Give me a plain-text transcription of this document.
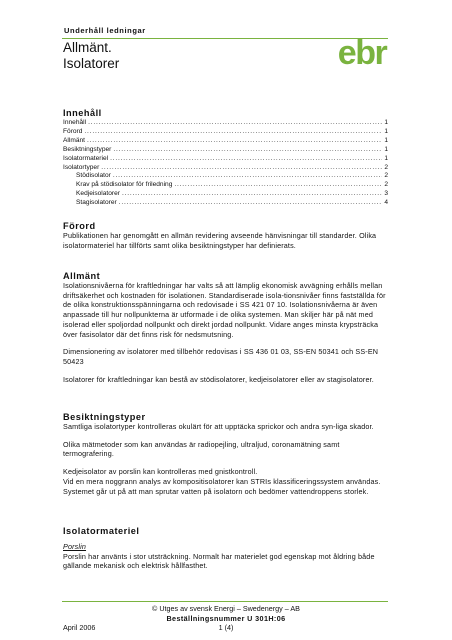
Underhåll ledningar
Allmänt.
Isolatorer	ebr
Innehåll
Innehåll .....	1
Förord .....	1
Allmänt .....	1
Besiktningstyper .....	1
Isolatormateriel .....	1
Isolatortyper .....	2
Stödisolator .....	2
Krav på stödisolator för friledning .....	2
Kedjeisolatorer .....	3
Stagisolatorer .....	4
Förord

Publikationen har genomgått en allmän revidering avseende hänvisningar till standarder. Olika isolatormateriel har tillförts samt olika besiktningstyper har definierats.

Allmänt

Isolationsnivåerna för kraftledningar har valts så att lämplig ekonomisk avvägning erhålls mellan driftsäkerhet och kostnaden för isolationen. Standardiserade isola-tionsnivåer finns fastställda för de olika konstruktionsspänningarna och redovisade i SS 421 07 10. Isolationsnivåerna är även anpassade till hur nollpunkterna är utformade i de olika systemen. Man skiljer här på nät med isolerad eller spoljordad nollpunkt och direkt jordad nollpunkt. Vidare anges minsta krypsträcka över fasisolator där det finns risk för nedsmutsning.

Dimensionering av isolatorer med tillbehör redovisas i SS 436 01 03, SS-EN 50341 och SS-EN 50423

Isolatorer för kraftledningar kan bestå av stödisolatorer, kedjeisolatorer eller av stagisolatorer.

Besiktningstyper

Samtliga isolatortyper kontrolleras okulärt för att upptäcka sprickor och andra syn-liga skador.

Olika mätmetoder som kan användas är radiopejling, ultraljud, coronamätning samt termografering.

Kedjeisolator av porslin kan kontrolleras med gnistkontroll.

Vid en mera noggrann analys av kompositisolatorer kan STRIs klassificeringssystem användas. Systemet går ut på att man sprutar vatten på isolatorn och bedömer vattendroppens storlek.

Isolatormateriel

Porslin

Porslin har använts i stor utsträckning. Normalt har materielet god egenskap mot åldring både gällande mekanisk och elektrisk hållfasthet.

© Utges av svensk Energi – Swedenergy – AB
Beställningsnummer U 301H:06
April 2006	1 (4)
